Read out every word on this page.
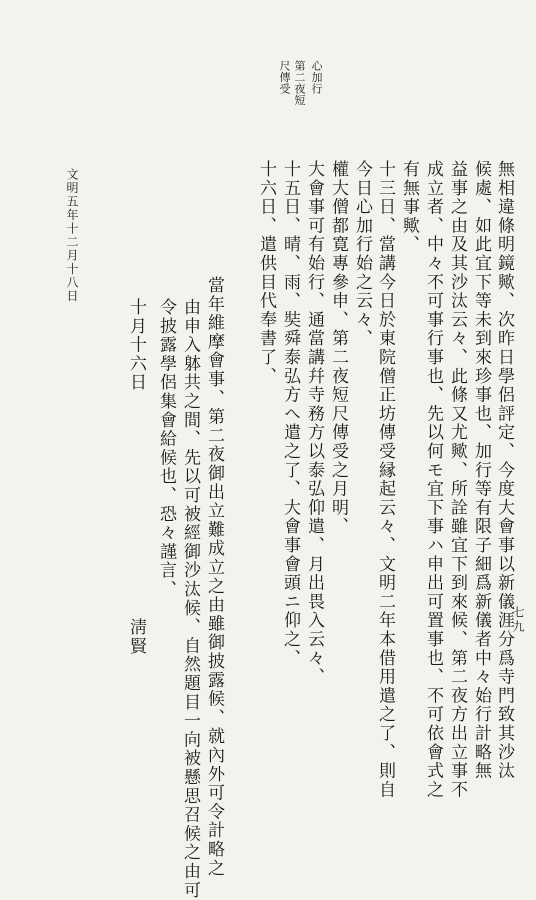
心加行
第二夜短
尺傳受
無相違條明鏡歟、次昨日學侶評定、今度大會事以新儀涯分爲寺門致其沙汰
候處、如此宜下等未到來珍事也、加行等有限子細爲新儀者中々始行計略無
益事之由及其沙汰云々、此條又尤歟、所詮雖宜下到來候、第二夜方出立事不
成立者、中々不可事行事也、先以何モ宜下事ハ申出可置事也、不可依會式之
有無事歟、
十三日、當講今日於東院僧正坊傳受縁起云々、文明二年本借用遣之了、則自
今日心加行始之云々、
權大僧都寛專參申、第二夜短尺傳受之月明、
大會事可有始行、通當講幷寺務方以泰弘仰遣、月出畏入云々、
十五日、晴、雨、奘舜泰弘方へ遣之了、大會事會頭ニ仰之、
十六日、遣供目代奉書了、
當年維摩會事、第二夜御出立難成立之由雖御披露候、就內外可令計略之
由申入躰共之間、先以可被經御沙汰候、自然題目一向被懸思召候之由可
令披露學侶集會給候也、恐々謹言、
十月十六日
淸賢
文明五年十二月十八日
七九
